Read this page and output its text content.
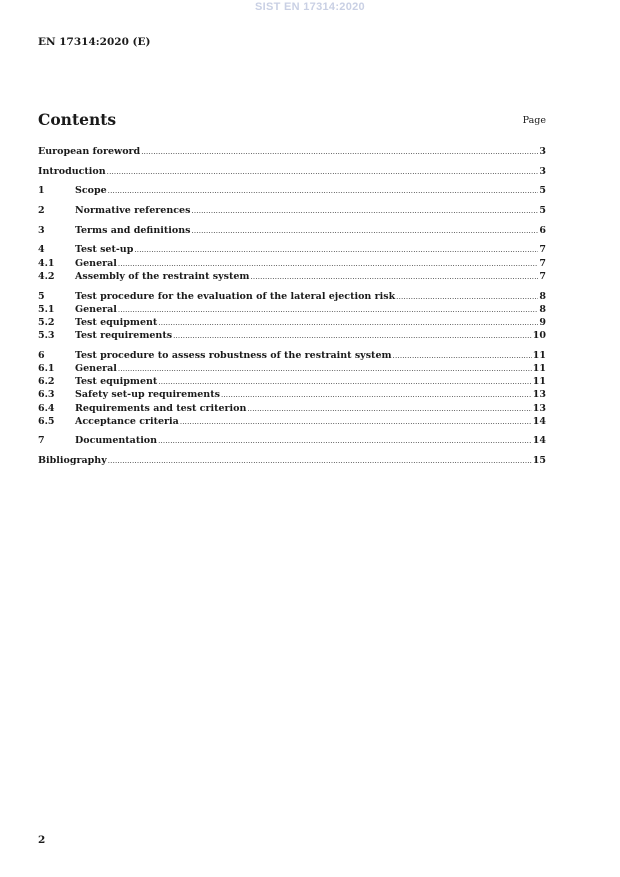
SIST EN 17314:2020
EN 17314:2020 (E)
Contents	Page
European foreword .....	3
Introduction .....	3
1	Scope .....	5
2	Normative references .....	5
3	Terms and definitions .....	6
4	Test set-up .....	7
4.1	General .....	7
4.2	Assembly of the restraint system .....	7
5	Test procedure for the evaluation of the lateral ejection risk .....	8
5.1	General .....	8
5.2	Test equipment .....	9
5.3	Test requirements .....	10
6	Test procedure to assess robustness of the restraint system .....	11
6.1	General .....	11
6.2	Test equipment .....	11
6.3	Safety set-up requirements .....	13
6.4	Requirements and test criterion .....	13
6.5	Acceptance criteria .....	14
7	Documentation .....	14
Bibliography .....	15
2
